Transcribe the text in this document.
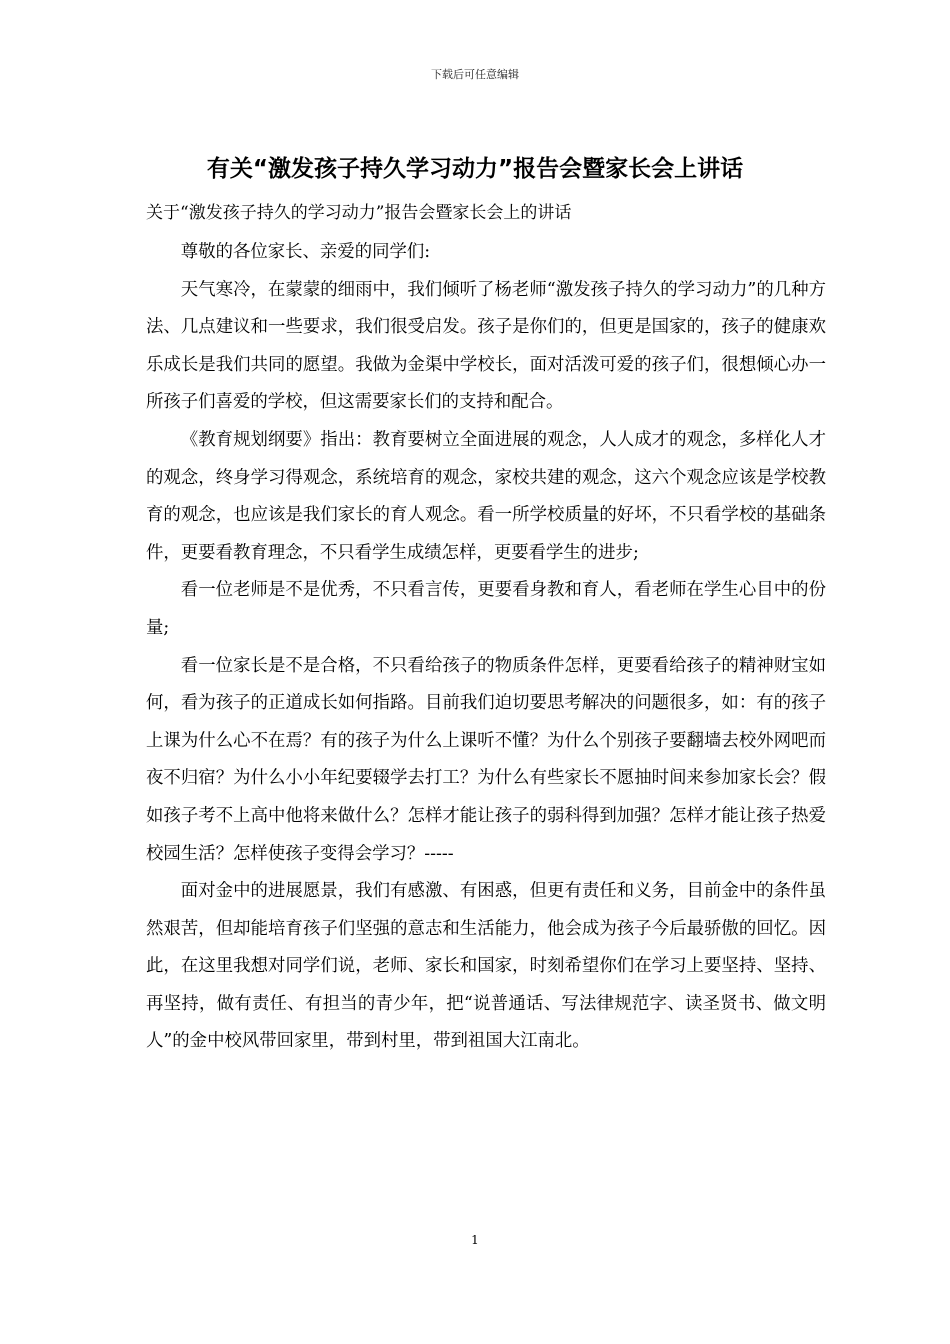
下载后可任意编辑
有关“激发孩子持久学习动力”报告会暨家长会上讲话
关于“激发孩子持久的学习动力”报告会暨家长会上的讲话

尊敬的各位家长、亲爱的同学们:

天气寒冷，在蒙蒙的细雨中，我们倾听了杨老师“激发孩子持久的学习动力”的几种方法、几点建议和一些要求，我们很受启发。孩子是你们的，但更是国家的，孩子的健康欢乐成长是我们共同的愿望。我做为金渠中学校长，面对活泼可爱的孩子们，很想倾心办一所孩子们喜爱的学校，但这需要家长们的支持和配合。

《教育规划纲要》指出：教育要树立全面进展的观念，人人成才的观念，多样化人才的观念，终身学习得观念，系统培育的观念，家校共建的观念，这六个观念应该是学校教育的观念，也应该是我们家长的育人观念。看一所学校质量的好坏，不只看学校的基础条件，更要看教育理念，不只看学生成绩怎样，更要看学生的进步;

看一位老师是不是优秀，不只看言传，更要看身教和育人，看老师在学生心目中的份量;

看一位家长是不是合格，不只看给孩子的物质条件怎样，更要看给孩子的精神财宝如何，看为孩子的正道成长如何指路。目前我们迫切要思考解决的问题很多，如：有的孩子上课为什么心不在焉？有的孩子为什么上课听不懂？为什么个别孩子要翻墙去校外网吧而夜不归宿？为什么小小年纪要辍学去打工？为什么有些家长不愿抽时间来参加家长会？假如孩子考不上高中他将来做什么？怎样才能让孩子的弱科得到加强？怎样才能让孩子热爱校园生活？怎样使孩子变得会学习？-----

面对金中的进展愿景，我们有感激、有困惑，但更有责任和义务，目前金中的条件虽然艰苦，但却能培育孩子们坚强的意志和生活能力，他会成为孩子今后最骄傲的回忆。因此，在这里我想对同学们说，老师、家长和国家，时刻希望你们在学习上要坚持、坚持、再坚持，做有责任、有担当的青少年，把“说普通话、写法律规范字、读圣贤书、做文明人”的金中校风带回家里，带到村里，带到祖国大江南北。

1
